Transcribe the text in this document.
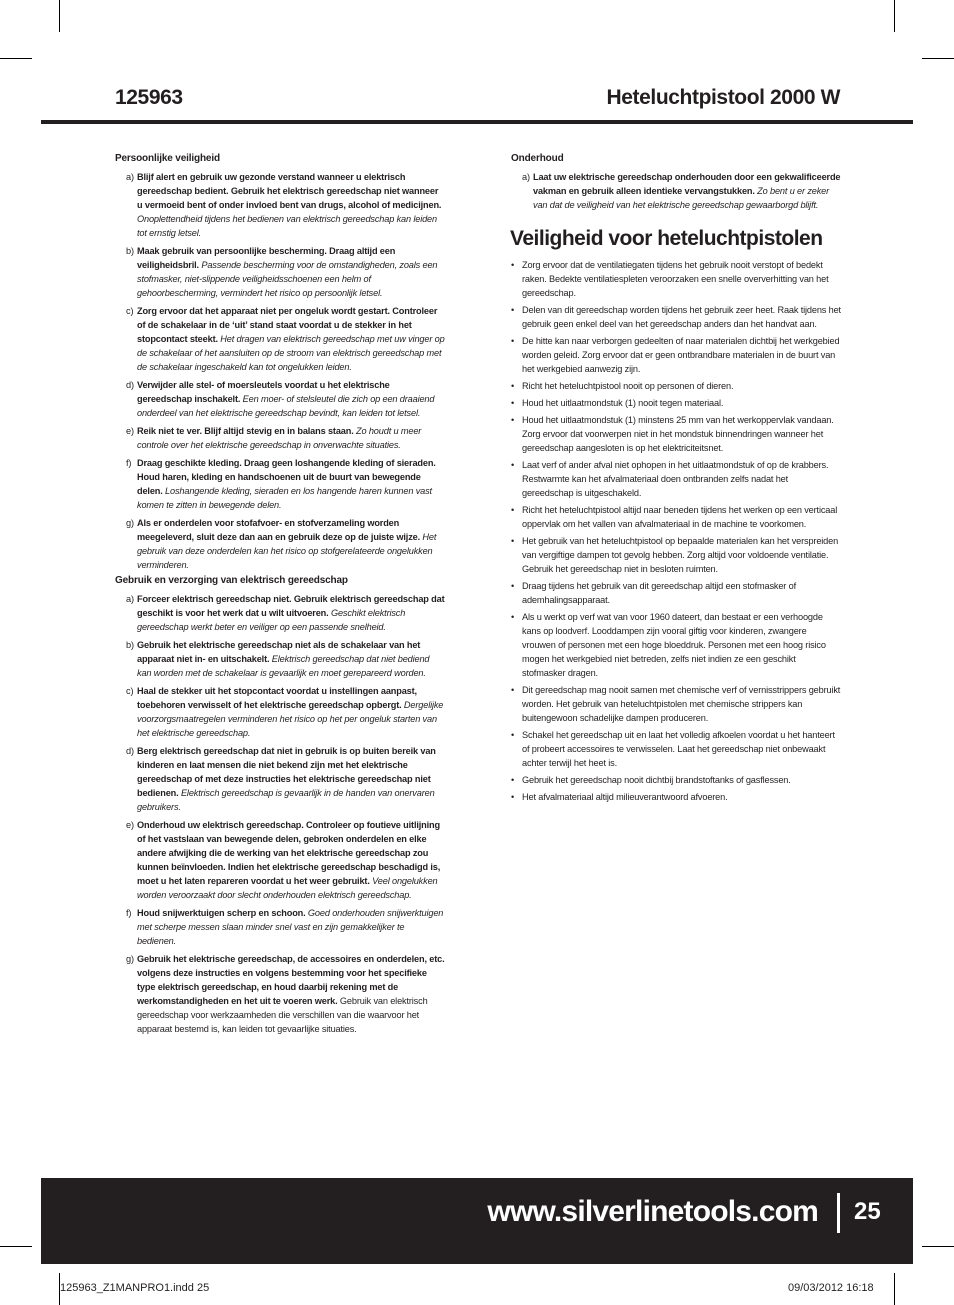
125963	Heteluchtpistool 2000 W
Persoonlijke veiligheid
a) Blijf alert en gebruik uw gezonde verstand wanneer u elektrisch gereedschap bedient. Gebruik het elektrisch gereedschap niet wanneer u vermoeid bent of onder invloed bent van drugs, alcohol of medicijnen. Onoplettendheid tijdens het bedienen van elektrisch gereedschap kan leiden tot ernstig letsel.
b) Maak gebruik van persoonlijke bescherming. Draag altijd een veiligheidsbril. Passende bescherming voor de omstandigheden, zoals een stofmasker, niet-slippende veiligheidsschoenen een helm of gehoorbescherming, vermindert het risico op persoonlijk letsel.
c) Zorg ervoor dat het apparaat niet per ongeluk wordt gestart. Controleer of de schakelaar in de ‘uit’ stand staat voordat u de stekker in het stopcontact steekt. Het dragen van elektrisch gereedschap met uw vinger op de schakelaar of het aansluiten op de stroom van elektrisch gereedschap met de schakelaar ingeschakeld kan tot ongelukken leiden.
d) Verwijder alle stel- of moersleutels voordat u het elektrische gereedschap inschakelt. Een moer- of stelsleutel die zich op een draaiend onderdeel van het elektrische gereedschap bevindt, kan leiden tot letsel.
e) Reik niet te ver. Blijf altijd stevig en in balans staan. Zo houdt u meer controle over het elektrische gereedschap in onverwachte situaties.
f) Draag geschikte kleding. Draag geen loshangende kleding of sieraden. Houd haren, kleding en handschoenen uit de buurt van bewegende delen. Loshangende kleding, sieraden en los hangende haren kunnen vast komen te zitten in bewegende delen.
g) Als er onderdelen voor stofafvoer- en stofverzameling worden meegeleverd, sluit deze dan aan en gebruik deze op de juiste wijze. Het gebruik van deze onderdelen kan het risico op stofgerelateerde ongelukken verminderen.
Gebruik en verzorging van elektrisch gereedschap
a) Forceer elektrisch gereedschap niet. Gebruik elektrisch gereedschap dat geschikt is voor het werk dat u wilt uitvoeren. Geschikt elektrisch gereedschap werkt beter en veiliger op een passende snelheid.
b) Gebruik het elektrische gereedschap niet als de schakelaar van het apparaat niet in- en uitschakelt. Elektrisch gereedschap dat niet bediend kan worden met de schakelaar is gevaarlijk en moet gerepareerd worden.
c) Haal de stekker uit het stopcontact voordat u instellingen aanpast, toebehoren verwisselt of het elektrische gereedschap opbergt. Dergelijke voorzorgsmaatregelen verminderen het risico op het per ongeluk starten van het elektrische gereedschap.
d) Berg elektrisch gereedschap dat niet in gebruik is op buiten bereik van kinderen en laat mensen die niet bekend zijn met het elektrische gereedschap of met deze instructies het elektrische gereedschap niet bedienen. Elektrisch gereedschap is gevaarlijk in de handen van onervaren gebruikers.
e) Onderhoud uw elektrisch gereedschap. Controleer op foutieve uitlijning of het vastslaan van bewegende delen, gebroken onderdelen en elke andere afwijking die de werking van het elektrische gereedschap zou kunnen beïnvloeden. Indien het elektrische gereedschap beschadigd is, moet u het laten repareren voordat u het weer gebruikt. Veel ongelukken worden veroorzaakt door slecht onderhouden elektrisch gereedschap.
f) Houd snijwerktuigen scherp en schoon. Goed onderhouden snijwerktuigen met scherpe messen slaan minder snel vast en zijn gemakkelijker te bedienen.
g) Gebruik het elektrische gereedschap, de accessoires en onderdelen, etc. volgens deze instructies en volgens bestemming voor het specifieke type elektrisch gereedschap, en houd daarbij rekening met de werkomstandigheden en het uit te voeren werk. Gebruik van elektrisch gereedschap voor werkzaamheden die verschillen van die waarvoor het apparaat bestemd is, kan leiden tot gevaarlijke situaties.
Onderhoud
a) Laat uw elektrische gereedschap onderhouden door een gekwalificeerde vakman en gebruik alleen identieke vervangstukken. Zo bent u er zeker van dat de veiligheid van het elektrische gereedschap gewaarborgd blijft.
Veiligheid voor heteluchtpistolen
• Zorg ervoor dat de ventilatiegaten tijdens het gebruik nooit verstopt of bedekt raken. Bedekte ventilatiespleten veroorzaken een snelle oververhitting van het gereedschap.
• Delen van dit gereedschap worden tijdens het gebruik zeer heet. Raak tijdens het gebruik geen enkel deel van het gereedschap anders dan het handvat aan.
• De hitte kan naar verborgen gedeelten of naar materialen dichtbij het werkgebied worden geleid. Zorg ervoor dat er geen ontbrandbare materialen in de buurt van het werkgebied aanwezig zijn.
• Richt het heteluchtpistool nooit op personen of dieren.
• Houd het uitlaatmondstuk (1) nooit tegen materiaal.
• Houd het uitlaatmondstuk (1) minstens 25 mm van het werkoppervlak vandaan. Zorg ervoor dat voorwerpen niet in het mondstuk binnendringen wanneer het gereedschap aangesloten is op het elektriciteitsnet.
• Laat verf of ander afval niet ophopen in het uitlaatmondstuk of op de krabbers. Restwarmte kan het afvalmateriaal doen ontbranden zelfs nadat het gereedschap is uitgeschakeld.
• Richt het heteluchtpistool altijd naar beneden tijdens het werken op een verticaal oppervlak om het vallen van afvalmateriaal in de machine te voorkomen.
• Het gebruik van het heteluchtpistool op bepaalde materialen kan het verspreiden van vergiftige dampen tot gevolg hebben. Zorg altijd voor voldoende ventilatie. Gebruik het gereedschap niet in besloten ruimten.
• Draag tijdens het gebruik van dit gereedschap altijd een stofmasker of ademhalingsapparaat.
• Als u werkt op verf wat van voor 1960 dateert, dan bestaat er een verhoogde kans op loodverf. Looddampen zijn vooral giftig voor kinderen, zwangere vrouwen of personen met een hoge bloeddruk. Personen met een hoog risico mogen het werkgebied niet betreden, zelfs niet indien ze een geschikt stofmasker dragen.
• Dit gereedschap mag nooit samen met chemische verf of vernisstrippers gebruikt worden. Het gebruik van heteluchtpistolen met chemische strippers kan buitengewoon schadelijke dampen produceren.
• Schakel het gereedschap uit en laat het volledig afkoelen voordat u het hanteert of probeert accessoires te verwisselen. Laat het gereedschap niet onbewaakt achter terwijl het heet is.
• Gebruik het gereedschap nooit dichtbij brandstoftanks of gasflessen.
• Het afvalmateriaal altijd milieuverantwoord afvoeren.
www.silverlinetools.com 25
125963_Z1MANPRO1.indd 25	09/03/2012 16:18
